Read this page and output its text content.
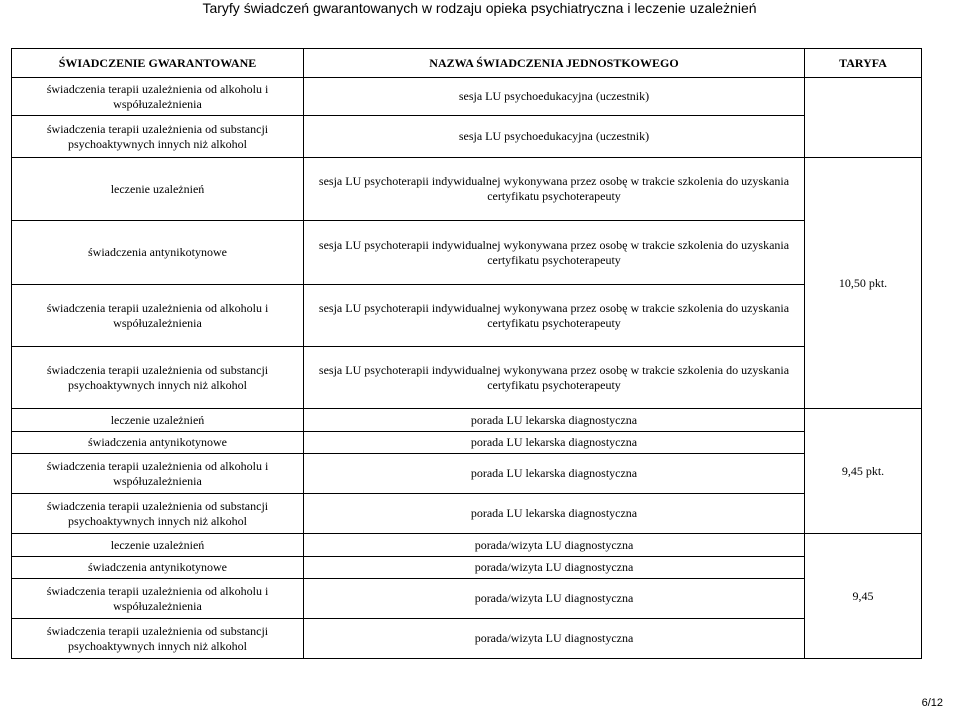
Taryfy świadczeń gwarantowanych w rodzaju opieka psychiatryczna i leczenie uzależnień
ŚWIADCZENIE GWARANTOWANE	NAZWA ŚWIADCZENIA JEDNOSTKOWEGO	TARYFA
świadczenia terapii uzależnienia od alkoholu i współuzależnienia	sesja LU psychoedukacyjna (uczestnik)	
świadczenia terapii uzależnienia od substancji psychoaktywnych innych niż alkohol	sesja LU psychoedukacyjna (uczestnik)	
leczenie uzależnień	sesja LU psychoterapii indywidualnej wykonywana przez osobę w trakcie szkolenia do uzyskania certyfikatu psychoterapeuty	10,50 pkt.
świadczenia antynikotynowe	sesja LU psychoterapii indywidualnej wykonywana przez osobę w trakcie szkolenia do uzyskania certyfikatu psychoterapeuty	
świadczenia terapii uzależnienia od alkoholu i współuzależnienia	sesja LU psychoterapii indywidualnej wykonywana przez osobę w trakcie szkolenia do uzyskania certyfikatu psychoterapeuty	
świadczenia terapii uzależnienia od substancji psychoaktywnych innych niż alkohol	sesja LU psychoterapii indywidualnej wykonywana przez osobę w trakcie szkolenia do uzyskania certyfikatu psychoterapeuty	
leczenie uzależnień	porada LU lekarska diagnostyczna	9,45 pkt.
świadczenia antynikotynowe	porada LU lekarska diagnostyczna	
świadczenia terapii uzależnienia od alkoholu i współuzależnienia	porada LU lekarska diagnostyczna	
świadczenia terapii uzależnienia od substancji psychoaktywnych innych niż alkohol	porada LU lekarska diagnostyczna	
leczenie uzależnień	porada/wizyta LU diagnostyczna	9,45
świadczenia antynikotynowe	porada/wizyta LU diagnostyczna	
świadczenia terapii uzależnienia od alkoholu i współuzależnienia	porada/wizyta LU diagnostyczna	
świadczenia terapii uzależnienia od substancji psychoaktywnych innych niż alkohol	porada/wizyta LU diagnostyczna	
6/12
